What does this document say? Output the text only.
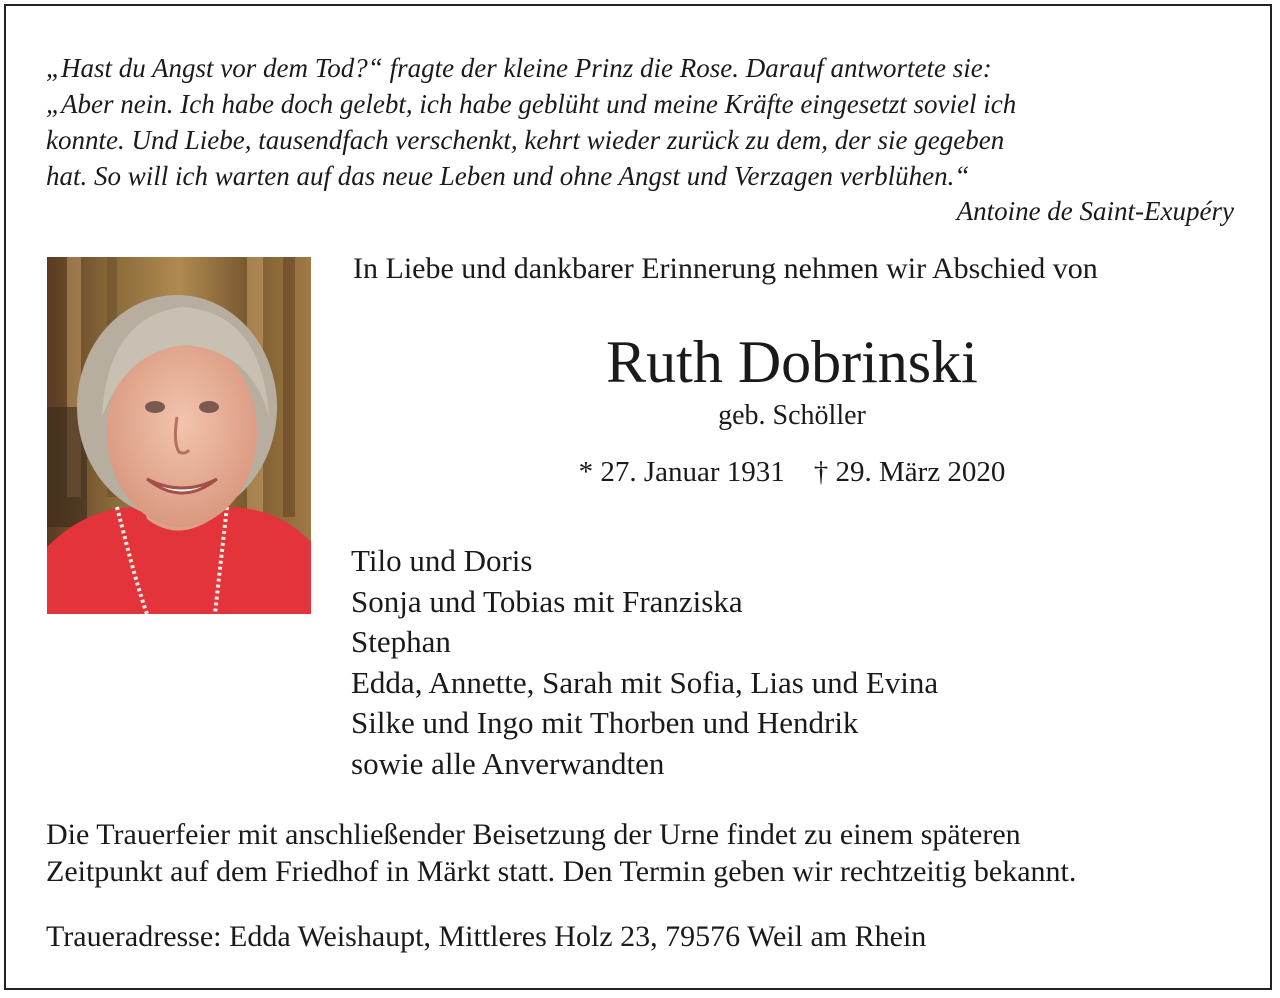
„Hast du Angst vor dem Tod?“ fragte der kleine Prinz die Rose. Darauf antwortete sie:
„Aber nein. Ich habe doch gelebt, ich habe geblüht und meine Kräfte eingesetzt soviel ich
konnte. Und Liebe, tausendfach verschenkt, kehrt wieder zurück zu dem, der sie gegeben
hat. So will ich warten auf das neue Leben und ohne Angst und Verzagen verblühen.“

Antoine de Saint-Exupéry
In Liebe und dankbarer Erinnerung nehmen wir Abschied von
Ruth Dobrinski
geb. Schöller
* 27. Januar 1931 † 29. März 2020
Tilo und Doris
Sonja und Tobias mit Franziska
Stephan
Edda, Annette, Sarah mit Sofia, Lias und Evina
Silke und Ingo mit Thorben und Hendrik
sowie alle Anverwandten

Die Trauerfeier mit anschließender Beisetzung der Urne findet zu einem späteren
Zeitpunkt auf dem Friedhof in Märkt statt. Den Termin geben wir rechtzeitig bekannt.

Traueradresse: Edda Weishaupt, Mittleres Holz 23, 79576 Weil am Rhein
